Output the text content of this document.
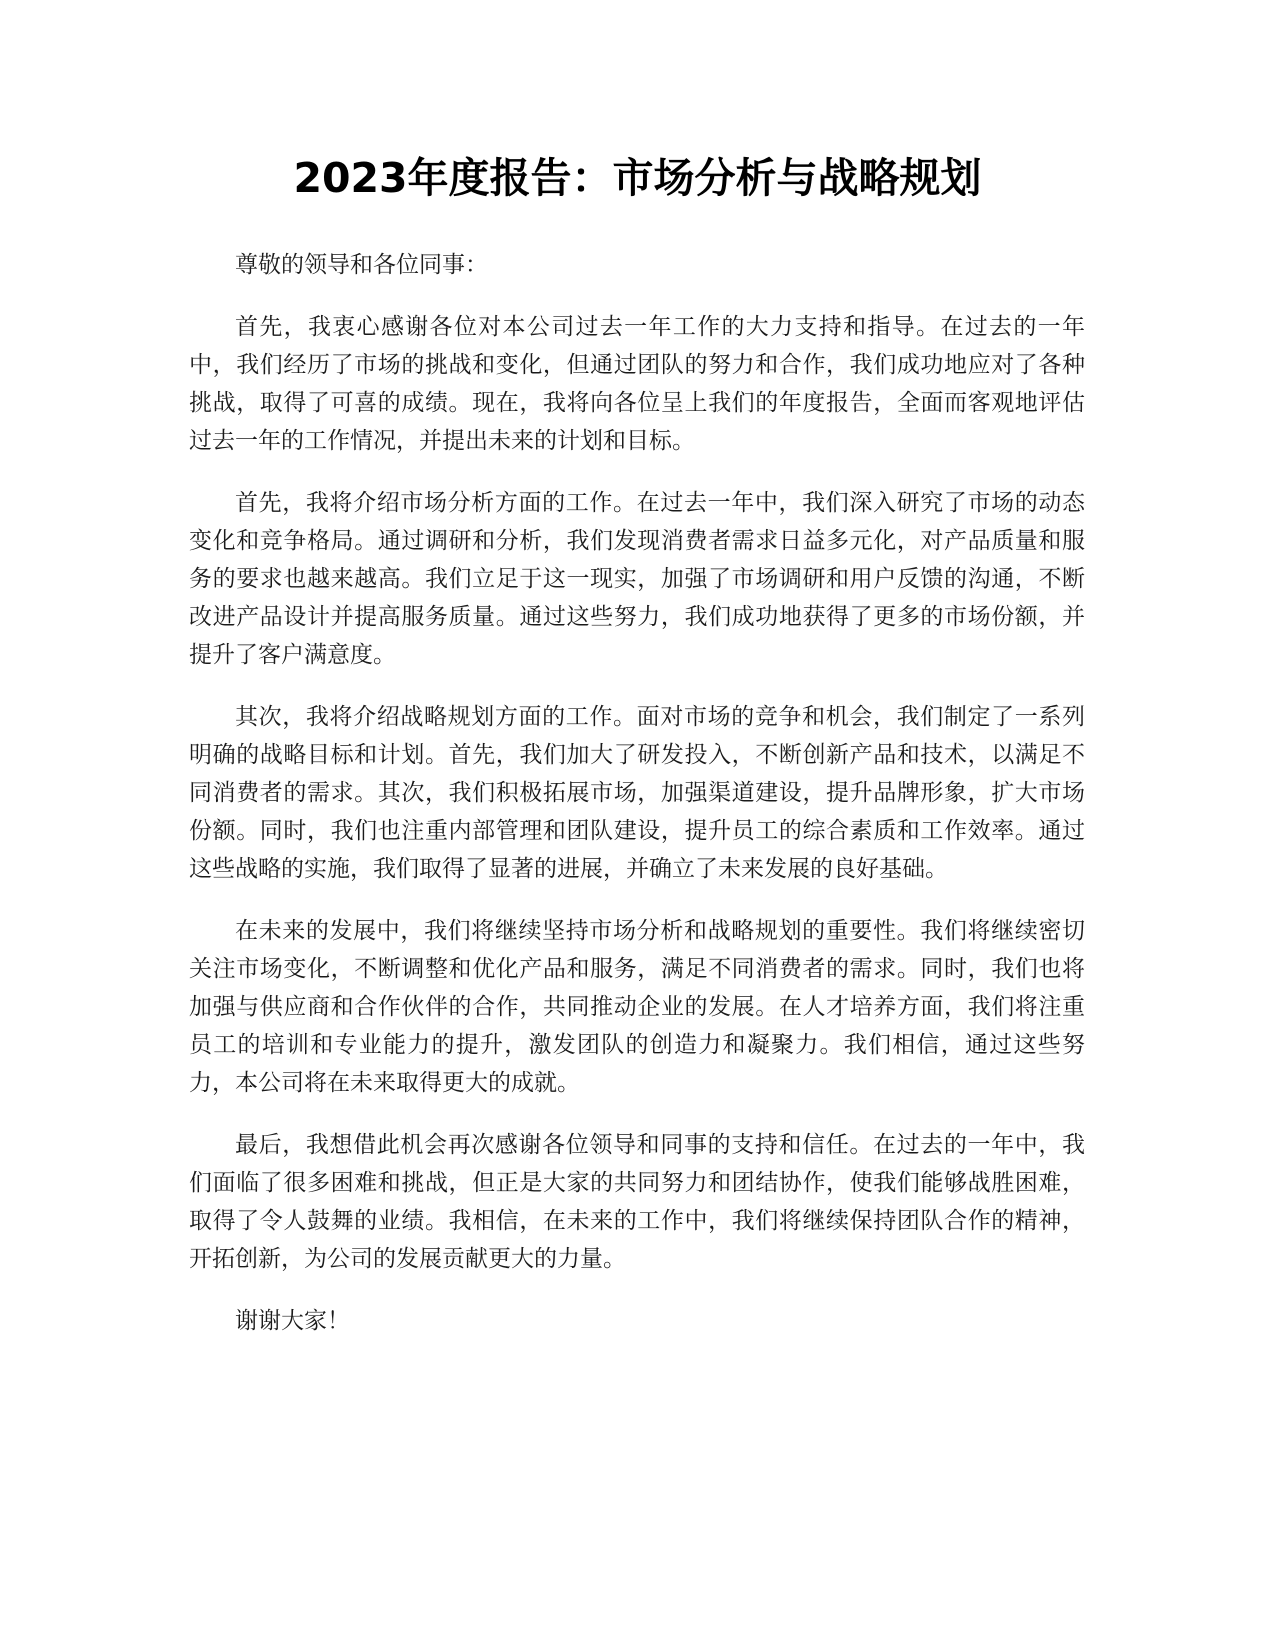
2023年度报告：市场分析与战略规划

尊敬的领导和各位同事：

首先，我衷心感谢各位对本公司过去一年工作的大力支持和指导。在过去的一年中，我们经历了市场的挑战和变化，但通过团队的努力和合作，我们成功地应对了各种挑战，取得了可喜的成绩。现在，我将向各位呈上我们的年度报告，全面而客观地评估过去一年的工作情况，并提出未来的计划和目标。

首先，我将介绍市场分析方面的工作。在过去一年中，我们深入研究了市场的动态变化和竞争格局。通过调研和分析，我们发现消费者需求日益多元化，对产品质量和服务的要求也越来越高。我们立足于这一现实，加强了市场调研和用户反馈的沟通，不断改进产品设计并提高服务质量。通过这些努力，我们成功地获得了更多的市场份额，并提升了客户满意度。

其次，我将介绍战略规划方面的工作。面对市场的竞争和机会，我们制定了一系列明确的战略目标和计划。首先，我们加大了研发投入，不断创新产品和技术，以满足不同消费者的需求。其次，我们积极拓展市场，加强渠道建设，提升品牌形象，扩大市场份额。同时，我们也注重内部管理和团队建设，提升员工的综合素质和工作效率。通过这些战略的实施，我们取得了显著的进展，并确立了未来发展的良好基础。

在未来的发展中，我们将继续坚持市场分析和战略规划的重要性。我们将继续密切关注市场变化，不断调整和优化产品和服务，满足不同消费者的需求。同时，我们也将加强与供应商和合作伙伴的合作，共同推动企业的发展。在人才培养方面，我们将注重员工的培训和专业能力的提升，激发团队的创造力和凝聚力。我们相信，通过这些努力，本公司将在未来取得更大的成就。

最后，我想借此机会再次感谢各位领导和同事的支持和信任。在过去的一年中，我们面临了很多困难和挑战，但正是大家的共同努力和团结协作，使我们能够战胜困难，取得了令人鼓舞的业绩。我相信，在未来的工作中，我们将继续保持团队合作的精神，开拓创新，为公司的发展贡献更大的力量。

谢谢大家！
